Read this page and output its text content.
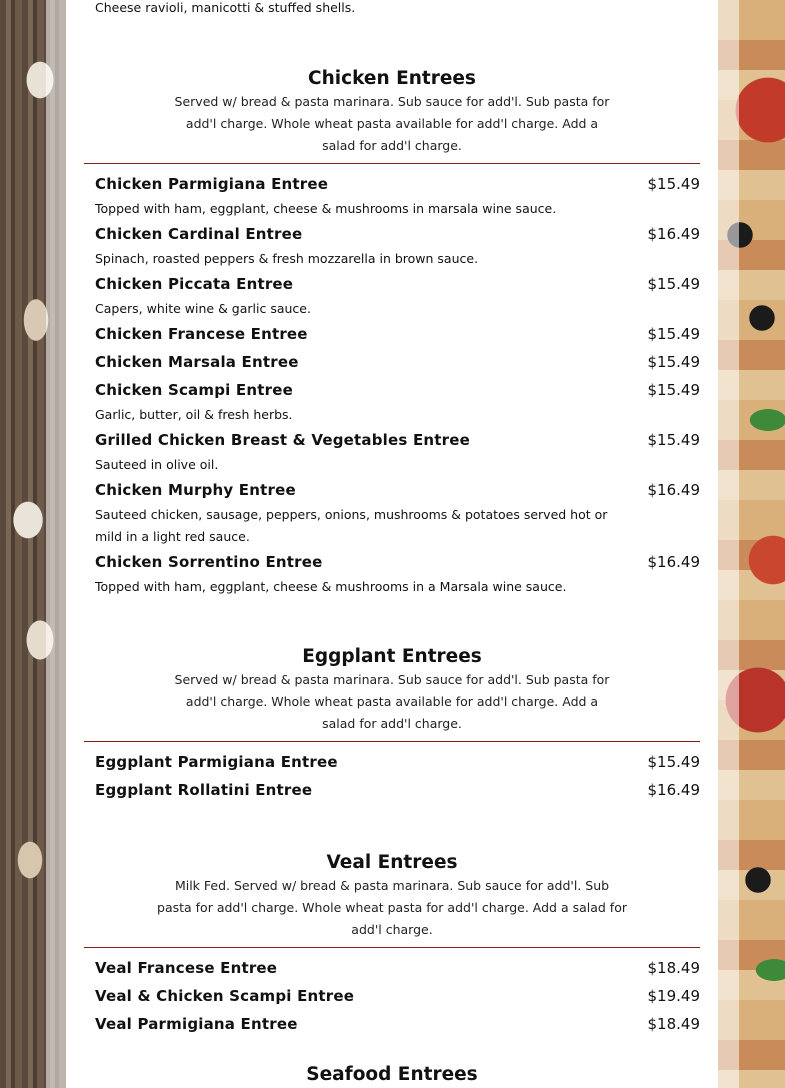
Cheese ravioli, manicotti & stuffed shells.
Chicken Entrees

Served w/ bread & pasta marinara. Sub sauce for add'l. Sub pasta for add'l charge. Whole wheat pasta available for add'l charge. Add a salad for add'l charge.

Chicken Parmigiana Entree	$15.49
Topped with ham, eggplant, cheese & mushrooms in marsala wine sauce.
Chicken Cardinal Entree	$16.49
Spinach, roasted peppers & fresh mozzarella in brown sauce.
Chicken Piccata Entree	$15.49
Capers, white wine & garlic sauce.
Chicken Francese Entree	$15.49
Chicken Marsala Entree	$15.49
Chicken Scampi Entree	$15.49
Garlic, butter, oil & fresh herbs.
Grilled Chicken Breast & Vegetables Entree	$15.49
Sauteed in olive oil.
Chicken Murphy Entree	$16.49
Sauteed chicken, sausage, peppers, onions, mushrooms & potatoes served hot or mild in a light red sauce.
Chicken Sorrentino Entree	$16.49
Topped with ham, eggplant, cheese & mushrooms in a Marsala wine sauce.
Eggplant Entrees

Served w/ bread & pasta marinara. Sub sauce for add'l. Sub pasta for add'l charge. Whole wheat pasta available for add'l charge. Add a salad for add'l charge.

Eggplant Parmigiana Entree	$15.49
Eggplant Rollatini Entree	$16.49
Veal Entrees

Milk Fed. Served w/ bread & pasta marinara. Sub sauce for add'l. Sub pasta for add'l charge. Whole wheat pasta for add'l charge. Add a salad for add'l charge.

Veal Francese Entree	$18.49
Veal & Chicken Scampi Entree	$19.49
Veal Parmigiana Entree	$18.49
Seafood Entrees
